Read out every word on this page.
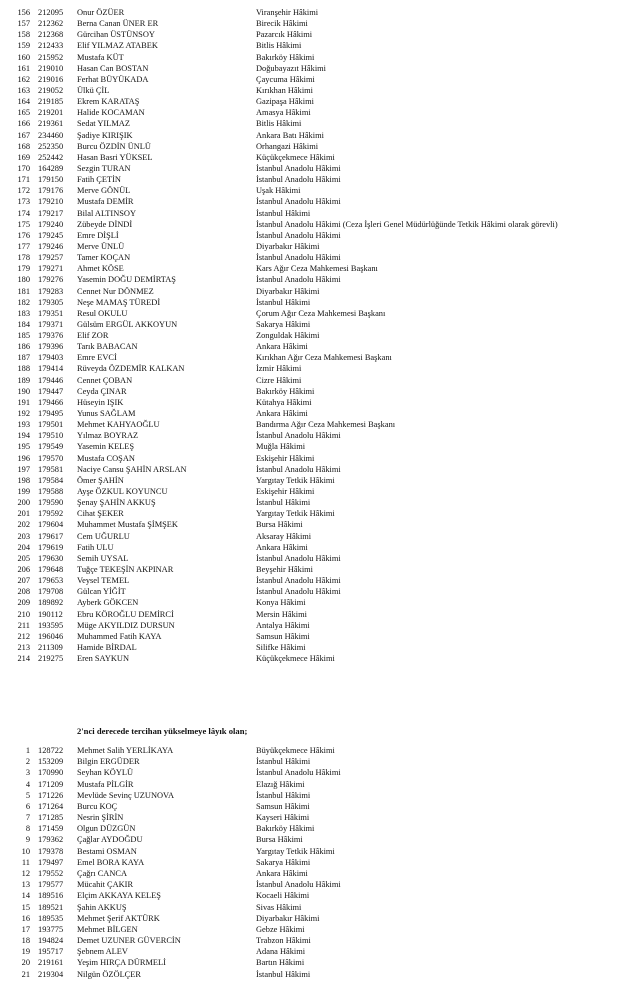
156 212095 Onur ÖZÜER	Viranşehir Hâkimi
157 212362 Berna Canan ÜNER ER	Birecik Hâkimi
158 212368 Gürcihan ÜSTÜNSOY	Pazarcık Hâkimi
159 212433 Elif YILMAZ ATABEK	Bitlis Hâkimi
160 215952 Mustafa KÜT	Bakırköy Hâkimi
161 219010 Hasan Can BOSTAN	Doğubayazıt Hâkimi
162 219016 Ferhat BÜYÜKADA	Çaycuma Hâkimi
163 219052 Ülkü ÇİL	Kırıkhan Hâkimi
164 219185 Ekrem KARATAŞ	Gazipaşa Hâkimi
165 219201 Halide KOCAMAN	Amasya Hâkimi
166 219361 Sedat YILMAZ	Bitlis Hâkimi
167 234460 Şadiye KIRIŞIK	Ankara Batı Hâkimi
168 252350 Burcu ÖZDİN ÜNLÜ	Orhangazi Hâkimi
169 252442 Hasan Basri YÜKSEL	Küçükçekmece Hâkimi
170 164289 Sezgin TURAN	İstanbul Anadolu Hâkimi
171 179150 Fatih ÇETİN	İstanbul Anadolu Hâkimi
172 179176 Merve GÖNÜL	Uşak Hâkimi
173 179210 Mustafa DEMİR	İstanbul Anadolu Hâkimi
174 179217 Bilal ALTINSOY	İstanbul Hâkimi
175 179240 Zübeyde DİNDİ	İstanbul Anadolu Hâkimi (Ceza İşleri Genel Müdürlüğünde Tetkik Hâkimi olarak görevli)
176 179245 Emre DİŞLİ	İstanbul Anadolu Hâkimi
177 179246 Merve ÜNLÜ	Diyarbakır Hâkimi
178 179257 Tamer KOÇAN	İstanbul Anadolu Hâkimi
179 179271 Ahmet KÖSE	Kars Ağır Ceza Mahkemesi Başkanı
180 179276 Yasemin DOĞU DEMİRTAŞ	İstanbul Anadolu Hâkimi
181 179283 Cennet Nur DÖNMEZ	Diyarbakır Hâkimi
182 179305 Neşe MAMAŞ TÜREDİ	İstanbul Hâkimi
183 179351 Resul OKULU	Çorum Ağır Ceza Mahkemesi Başkanı
184 179371 Gülsüm ERGÜL AKKOYUN	Sakarya Hâkimi
185 179376 Elif ZOR	Zonguldak Hâkimi
186 179396 Tarık BABACAN	Ankara Hâkimi
187 179403 Emre EVCİ	Kırıkhan Ağır Ceza Mahkemesi Başkanı
188 179414 Rüveyda ÖZDEMİR KALKAN	İzmir Hâkimi
189 179446 Cennet ÇOBAN	Cizre Hâkimi
190 179447 Ceyda ÇINAR	Bakırköy Hâkimi
191 179466 Hüseyin IŞIK	Kütahya Hâkimi
192 179495 Yunus SAĞLAM	Ankara Hâkimi
193 179501 Mehmet KAHYAOĞLU	Bandırma Ağır Ceza Mahkemesi Başkanı
194 179510 Yılmaz BOYRAZ	İstanbul Anadolu Hâkimi
195 179549 Yasemin KELEŞ	Muğla Hâkimi
196 179570 Mustafa COŞAN	Eskişehir Hâkimi
197 179581 Naciye Cansu ŞAHİN ARSLAN	İstanbul Anadolu Hâkimi
198 179584 Ömer ŞAHİN	Yargıtay Tetkik Hâkimi
199 179588 Ayşe ÖZKUL KOYUNCU	Eskişehir Hâkimi
200 179590 Şenay ŞAHİN AKKUŞ	İstanbul Hâkimi
201 179592 Cihat ŞEKER	Yargıtay Tetkik Hâkimi
202 179604 Muhammet Mustafa ŞİMŞEK	Bursa Hâkimi
203 179617 Cem UĞURLU	Aksaray Hâkimi
204 179619 Fatih ULU	Ankara Hâkimi
205 179630 Semih UYSAL	İstanbul Anadolu Hâkimi
206 179648 Tuğçe TEKEŞİN AKPINAR	Beyşehir Hâkimi
207 179653 Veysel TEMEL	İstanbul Anadolu Hâkimi
208 179708 Gülcan YİĞİT	İstanbul Anadolu Hâkimi
209 189892 Ayberk GÖKCEN	Konya Hâkimi
210 190112 Ebru KÖROĞLU DEMİRCİ	Mersin Hâkimi
211 193595 Müge AKYILDIZ DURSUN	Antalya Hâkimi
212 196046 Muhammed Fatih KAYA	Samsun Hâkimi
213 211309 Hamide BİRDAL	Silifke Hâkimi
214 219275 Eren SAYKUN	Küçükçekmece Hâkimi
2'nci derecede tercihan yükselmeye lâyık olan;
1 128722 Mehmet Salih YERLİKAYA	Büyükçekmece Hâkimi
2 153209 Bilgin ERGÜDER	İstanbul Hâkimi
3 170990 Seyhan KÖYLÜ	İstanbul Anadolu Hâkimi
4 171209 Mustafa PİLGİR	Elazığ Hâkimi
5 171226 Mevlüde Sevinç UZUNOVA	İstanbul Hâkimi
6 171264 Burcu KOÇ	Samsun Hâkimi
7 171285 Nesrin ŞİRİN	Kayseri Hâkimi
8 171459 Olgun DÜZGÜN	Bakırköy Hâkimi
9 179362 Çağlar AYDOĞDU	Bursa Hâkimi
10 179378 Bestami OSMAN	Yargıtay Tetkik Hâkimi
11 179497 Emel BORA KAYA	Sakarya Hâkimi
12 179552 Çağrı CANCA	Ankara Hâkimi
13 179577 Mücahit ÇAKIR	İstanbul Anadolu Hâkimi
14 189516 Elçim AKKAYA KELEŞ	Kocaeli Hâkimi
15 189521 Şahin AKKUŞ	Sivas Hâkimi
16 189535 Mehmet Şerif AKTÜRK	Diyarbakır Hâkimi
17 193775 Mehmet BİLGEN	Gebze Hâkimi
18 194824 Demet UZUNER GÜVERCİN	Trabzon Hâkimi
19 195717 Şebnem ALEV	Adana Hâkimi
20 219161 Yeşim HIRÇA DÜRMELİ	Bartın Hâkimi
21 219304 Nilgün ÖZÖLÇER	İstanbul Hâkimi
